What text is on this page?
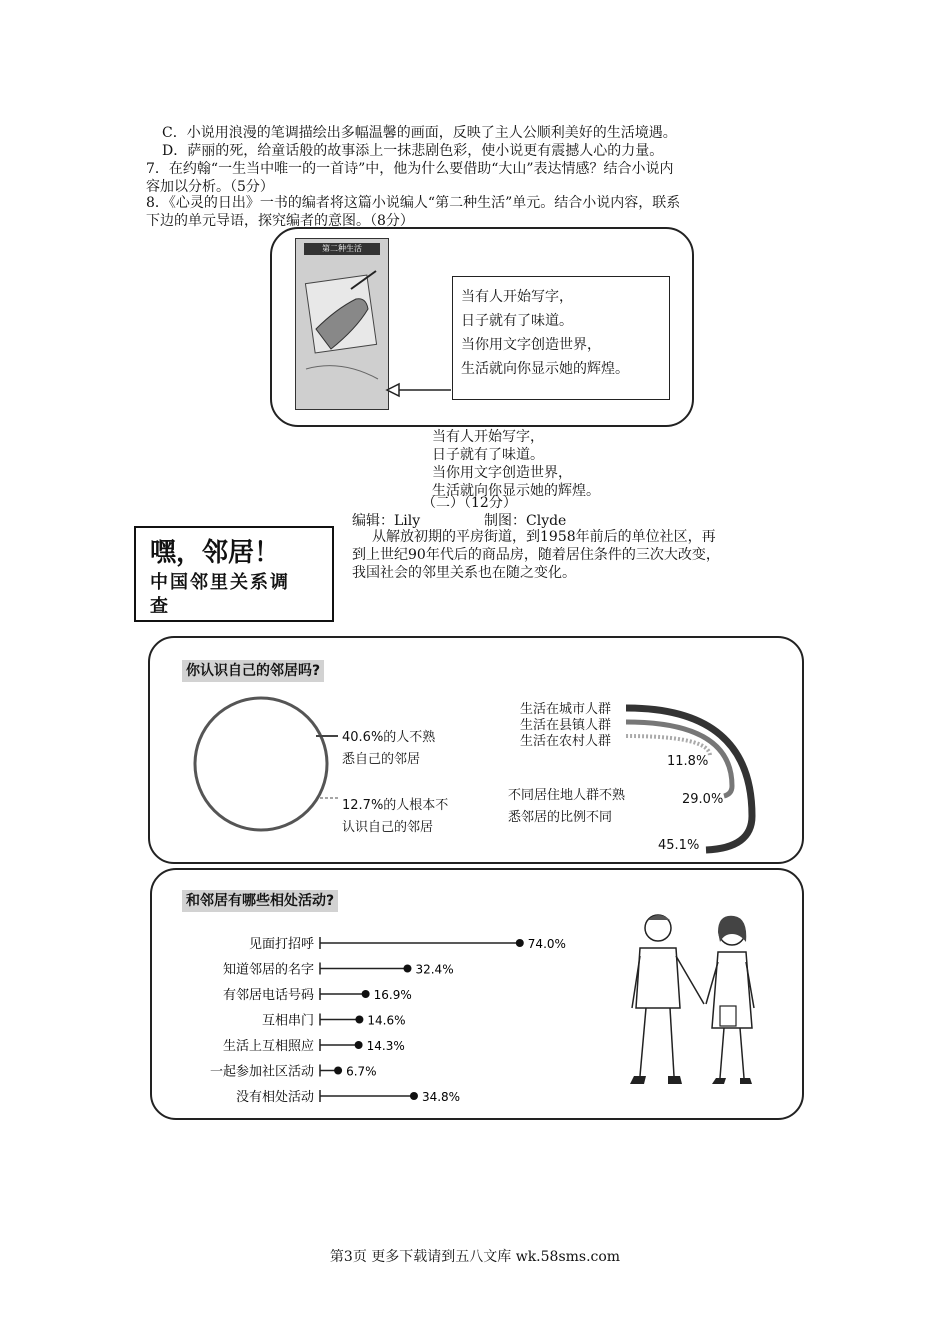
C．小说用浪漫的笔调描绘出多幅温馨的画面，反映了主人公顺利美好的生活境遇。
D．萨丽的死，给童话般的故事添上一抹悲剧色彩，使小说更有震撼人心的力量。
7．在约翰“一生当中唯一的一首诗”中，他为什么要借助“大山”表达情感？结合小说内
容加以分析。（5分）
8．《心灵的日出》一书的编者将这篇小说编人“第二种生活”单元。结合小说内容，联系
下边的单元导语，探究编者的意图。（8分）
第二种生活
当有人开始写字，
日子就有了味道。
当你用文字创造世界，
生活就向你显示她的辉煌。
当有人开始写字，
日子就有了味道。
当你用文字创造世界，
生活就向你显示她的辉煌。
（二）（12分）
编辑：Lily	制图：Clyde
从解放初期的平房街道，到1958年前后的单位社区，再
到上世纪90年代后的商品房，随着居住条件的三次大改变，
我国社会的邻里关系也在随之变化。
嘿，邻居！
中国邻里关系调
查
你认识自己的邻居吗?
40.6%的人不熟
悉自己的邻居
12.7%的人根本不
认识自己的邻居
生活在城市人群
生活在县镇人群
生活在农村人群
11.8%
29.0%
45.1%
不同居住地人群不熟
悉邻居的比例不同
和邻居有哪些相处活动?
见面打招呼	74.0%
知道邻居的名字	32.4%
有邻居电话号码	16.9%
互相串门	14.6%
生活上互相照应	14.3%
一起参加社区活动	6.7%
没有相处活动	34.8%
第3页 更多下载请到五八文库 wk.58sms.com
